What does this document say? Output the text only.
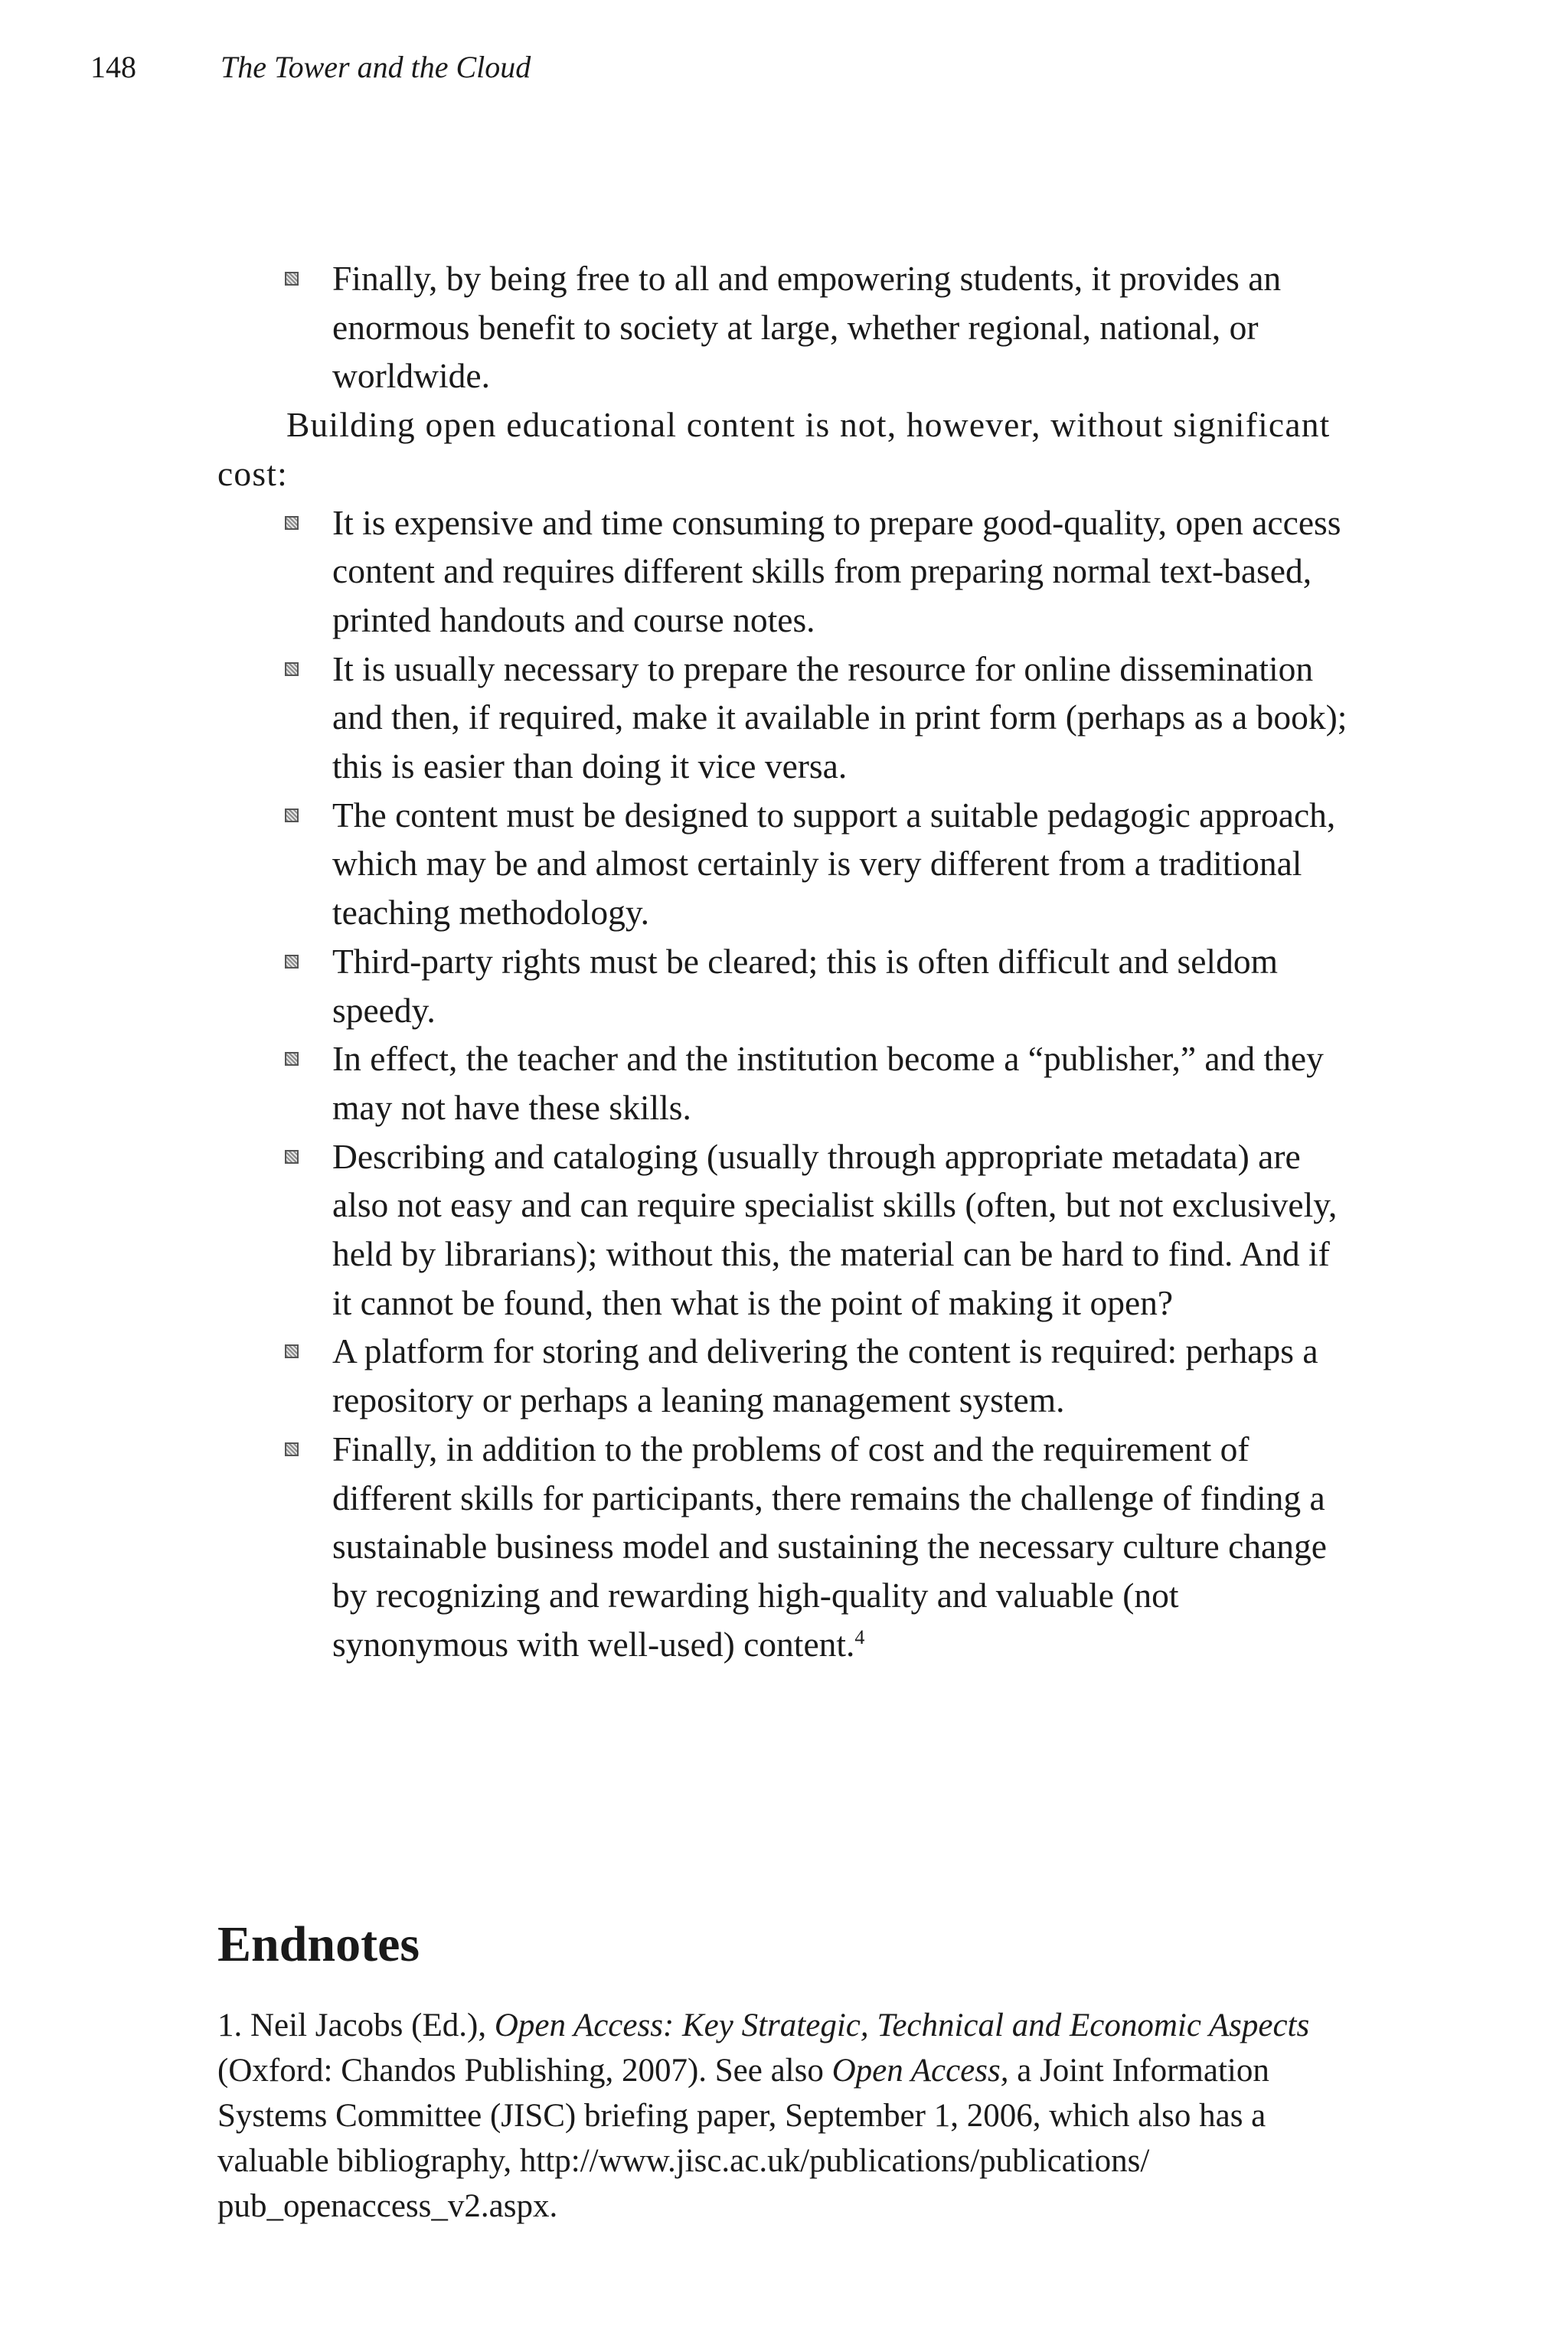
148	The Tower and the Cloud
Finally, by being free to all and empowering students, it provides an enormous benefit to society at large, whether regional, national, or worldwide.

Building open educational content is not, however, without significant cost:

It is expensive and time consuming to prepare good-quality, open access content and requires different skills from preparing normal text-based, printed handouts and course notes.
It is usually necessary to prepare the resource for online dissemination and then, if required, make it available in print form (perhaps as a book); this is easier than doing it vice versa.
The content must be designed to support a suitable pedagogic approach, which may be and almost certainly is very different from a traditional teaching methodology.
Third-party rights must be cleared; this is often difficult and seldom speedy.
In effect, the teacher and the institution become a “publisher,” and they may not have these skills.
Describing and cataloging (usually through appropriate metadata) are also not easy and can require specialist skills (often, but not exclusively, held by librarians); without this, the material can be hard to find. And if it cannot be found, then what is the point of making it open?
A platform for storing and delivering the content is required: perhaps a repository or perhaps a leaning management system.
Finally, in addition to the problems of cost and the requirement of different skills for participants, there remains the challenge of finding a sustainable business model and sustaining the necessary culture change by recognizing and rewarding high-quality and valuable (not synonymous with well-used) content.$^4$
Endnotes

1. Neil Jacobs (Ed.), Open Access: Key Strategic, Technical and Economic Aspects (Oxford: Chandos Publishing, 2007). See also Open Access, a Joint Information Systems Committee (JISC) briefing paper, September 1, 2006, which also has a valuable bibliography, http://www.jisc.ac.uk/publications/publications/ pub_openaccess_v2.aspx.
